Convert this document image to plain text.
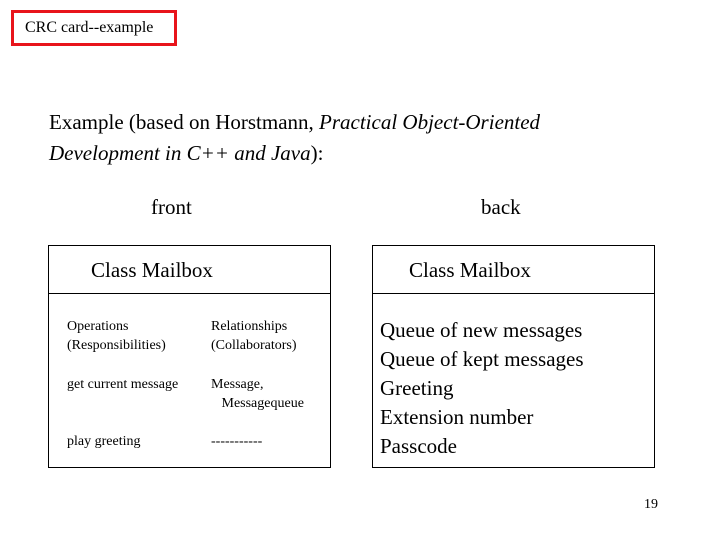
CRC card--example
Example (based on Horstmann, Practical Object-Oriented
Development in C++ and Java):
front	back
Class Mailbox
Operations
(Responsibilities)
Relationships
(Collaborators)
get current message Message,
Messagequeue
play greeting	-----------
Class Mailbox
Queue of new messages
Queue of kept messages
Greeting
Extension number
Passcode
19
